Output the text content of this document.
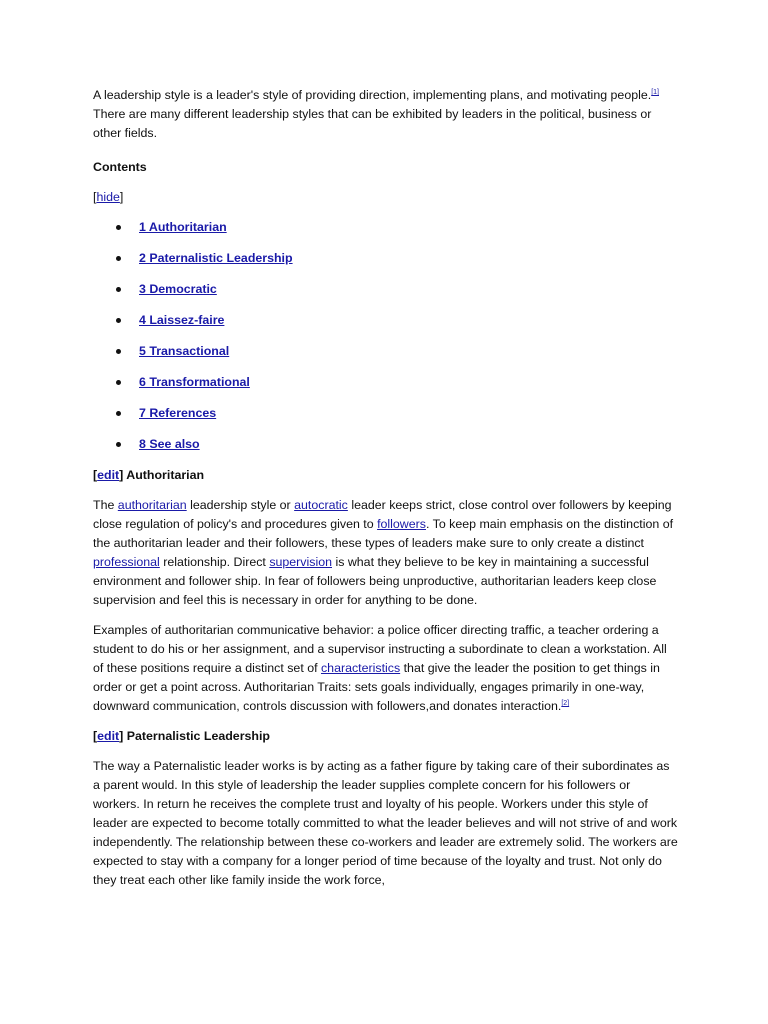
A leadership style is a leader's style of providing direction, implementing plans, and motivating people.[1] There are many different leadership styles that can be exhibited by leaders in the political, business or other fields.

Contents

[hide]

1 Authoritarian
2 Paternalistic Leadership
3 Democratic
4 Laissez-faire
5 Transactional
6 Transformational
7 References
8 See also
[edit] Authoritarian

The authoritarian leadership style or autocratic leader keeps strict, close control over followers by keeping close regulation of policy's and procedures given to followers. To keep main emphasis on the distinction of the authoritarian leader and their followers, these types of leaders make sure to only create a distinct professional relationship. Direct supervision is what they believe to be key in maintaining a successful environment and follower ship. In fear of followers being unproductive, authoritarian leaders keep close supervision and feel this is necessary in order for anything to be done.

Examples of authoritarian communicative behavior: a police officer directing traffic, a teacher ordering a student to do his or her assignment, and a supervisor instructing a subordinate to clean a workstation. All of these positions require a distinct set of characteristics that give the leader the position to get things in order or get a point across. Authoritarian Traits: sets goals individually, engages primarily in one-way, downward communication, controls discussion with followers,and donates interaction.[2]

[edit] Paternalistic Leadership

The way a Paternalistic leader works is by acting as a father figure by taking care of their subordinates as a parent would. In this style of leadership the leader supplies complete concern for his followers or workers. In return he receives the complete trust and loyalty of his people. Workers under this style of leader are expected to become totally committed to what the leader believes and will not strive of and work independently. The relationship between these co-workers and leader are extremely solid. The workers are expected to stay with a company for a longer period of time because of the loyalty and trust. Not only do they treat each other like family inside the work force,
